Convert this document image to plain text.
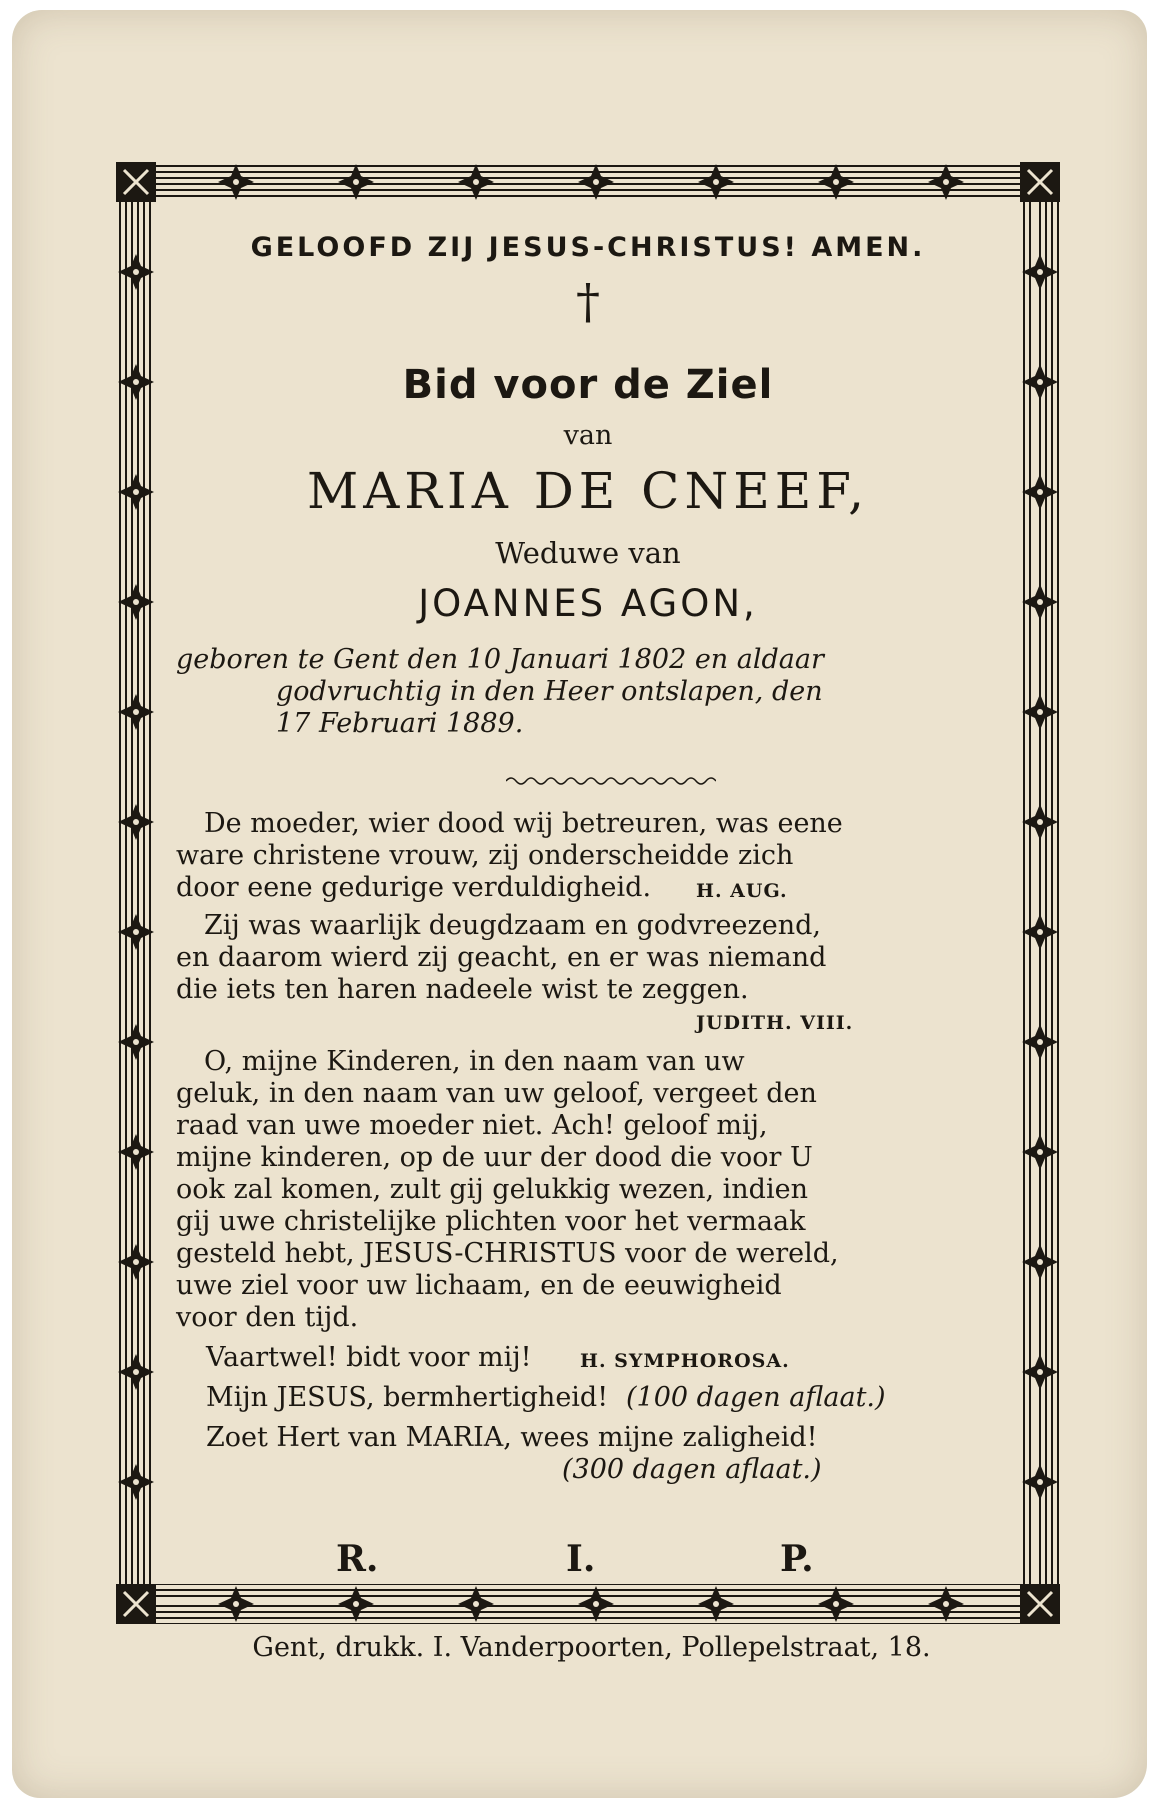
GELOOFD ZIJ JESUS-CHRISTUS! AMEN.
†
Bid voor de Ziel
van
MARIA DE CNEEF,
Weduwe van
JOANNES AGON,
geboren te Gent den 10 Januari 1802 en aldaar
godvruchtig in den Heer ontslapen, den
17 Februari 1889.
De moeder, wier dood wij betreuren, was eene
ware christene vrouw, zij onderscheidde zich
door eene gedurige verduldigheid.	H. AUG.
Zij was waarlijk deugdzaam en godvreezend,
en daarom wierd zij geacht, en er was niemand
die iets ten haren nadeele wist te zeggen.
JUDITH. VIII.
O, mijne Kinderen, in den naam van uw
geluk, in den naam van uw geloof, vergeet den
raad van uwe moeder niet. Ach! geloof mij,
mijne kinderen, op de uur der dood die voor U
ook zal komen, zult gij gelukkig wezen, indien
gij uwe christelijke plichten voor het vermaak
gesteld hebt, JESUS-CHRISTUS voor de wereld,
uwe ziel voor uw lichaam, en de eeuwigheid
voor den tijd.
Vaartwel! bidt voor mij!	H. SYMPHOROSA.
Mijn JESUS, bermhertigheid! (100 dagen aflaat.)
Zoet Hert van MARIA, wees mijne zaligheid!
(300 dagen aflaat.)
R.	I.	P.
Gent, drukk. I. Vanderpoorten, Pollepelstraat, 18.
